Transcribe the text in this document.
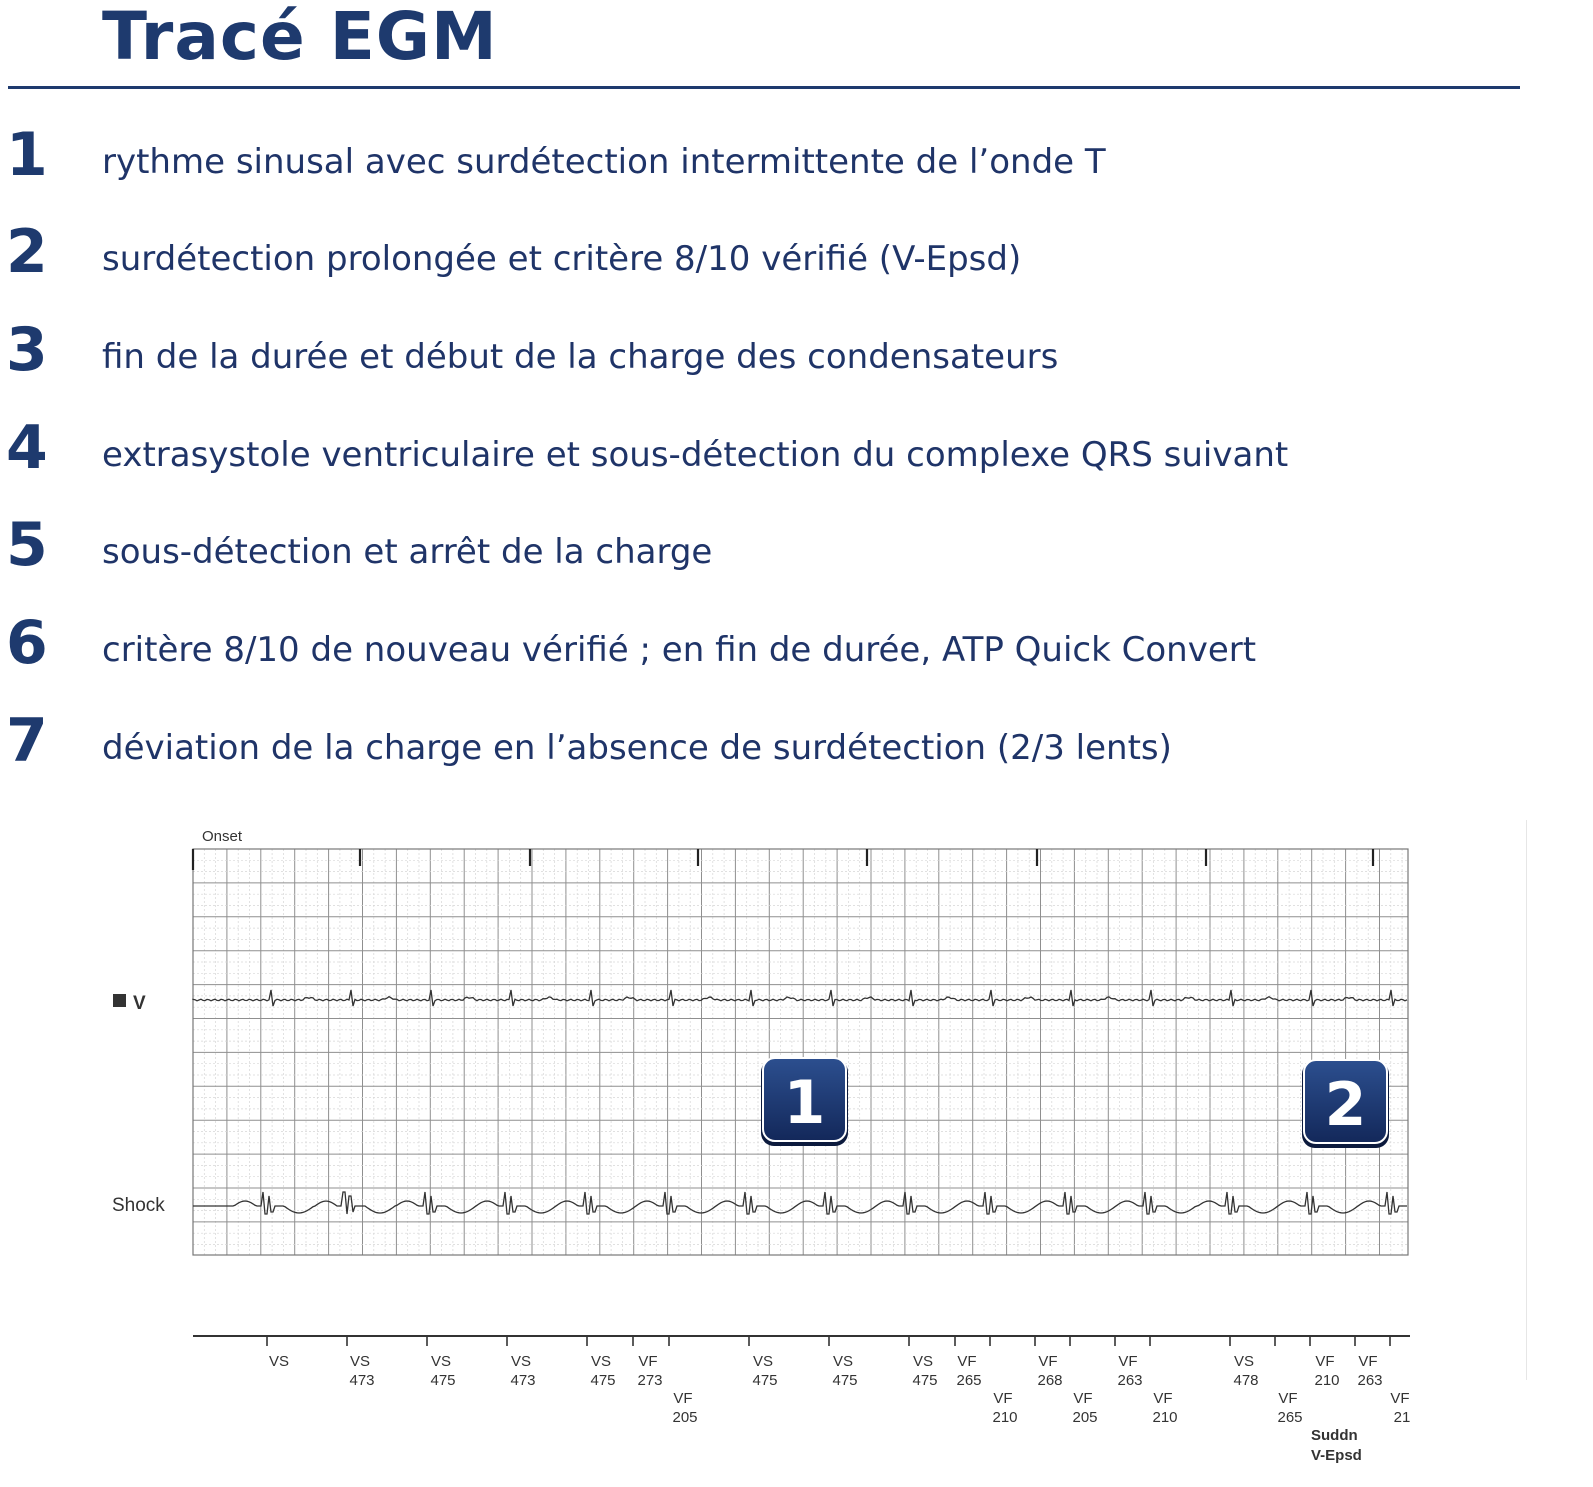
Tracé EGM
1 rythme sinusal avec surdétection intermittente de l’onde T
2 surdétection prolongée et critère 8/10 vérifié (V-Epsd)
3 fin de la durée et début de la charge des condensateurs
4 extrasystole ventriculaire et sous-détection du complexe QRS suivant
5 sous-détection et arrêt de la charge
6 critère 8/10 de nouveau vérifié ; en fin de durée, ATP Quick Convert
7 déviation de la charge en l’absence de surdétection (2/3 lents)
Onset
V
Shock
1	2
VS	VS
473
VS
475
VS
473
VS
475
VF
273
VF
205
VS
475
VS
475
VS
475
VF
265
VF
210
VF
268
VF
205
VF
263
VF
210
VS
478
VF
265
VF
210
VF
263
VF
21
Suddn
V-Epsd
